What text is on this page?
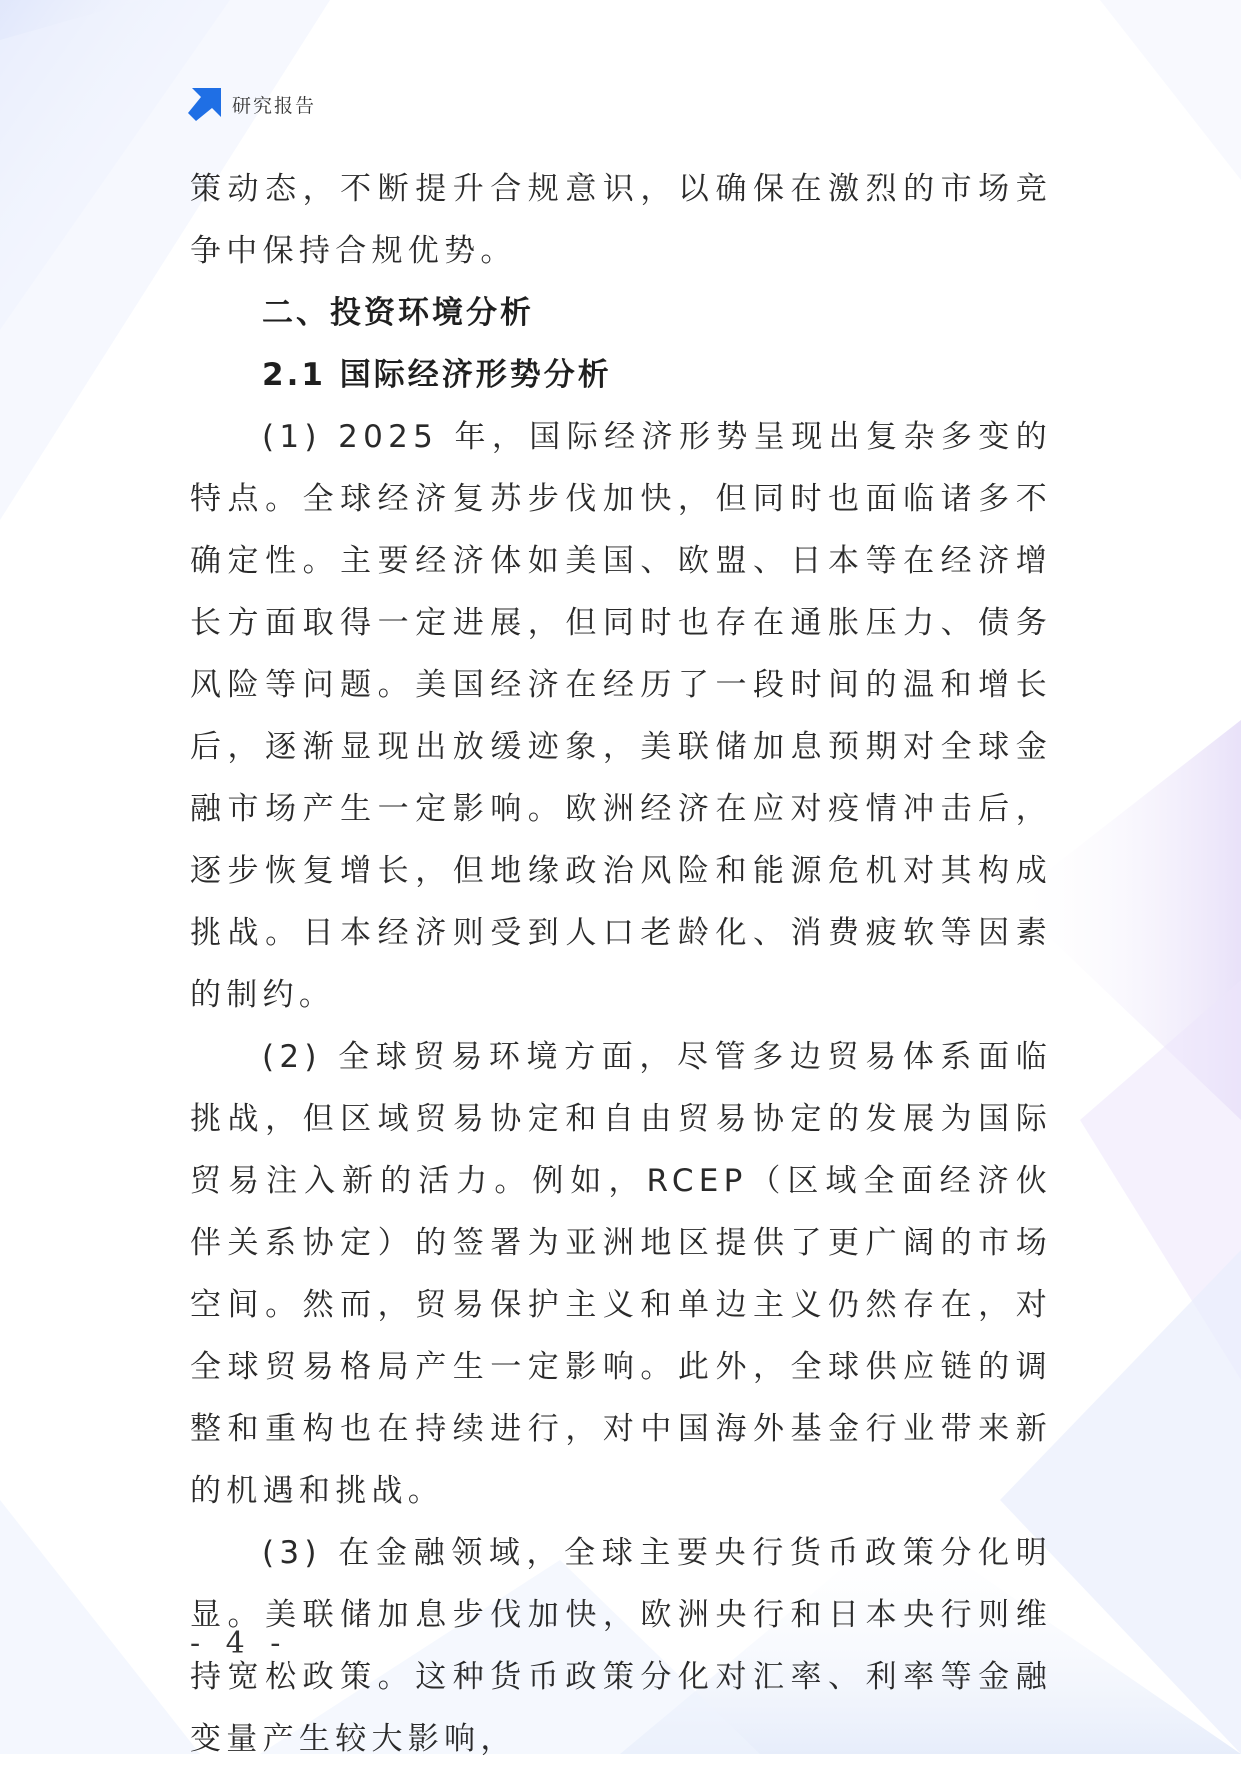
研究报告

策动态，不断提升合规意识，以确保在激烈的市场竞争中保持合规优势。

二、投资环境分析
2.1 国际经济形势分析

(1) 2025 年，国际经济形势呈现出复杂多变的特点。全球经济复苏步伐加快，但同时也面临诸多不确定性。主要经济体如美国、欧盟、日本等在经济增长方面取得一定进展，但同时也存在通胀压力、债务风险等问题。美国经济在经历了一段时间的温和增长后，逐渐显现出放缓迹象，美联储加息预期对全球金融市场产生一定影响。欧洲经济在应对疫情冲击后，逐步恢复增长，但地缘政治风险和能源危机对其构成挑战。日本经济则受到人口老龄化、消费疲软等因素的制约。

(2) 全球贸易环境方面，尽管多边贸易体系面临挑战，但区域贸易协定和自由贸易协定的发展为国际贸易注入新的活力。例如，RCEP（区域全面经济伙伴关系协定）的签署为亚洲地区提供了更广阔的市场空间。然而，贸易保护主义和单边主义仍然存在，对全球贸易格局产生一定影响。此外，全球供应链的调整和重构也在持续进行，对中国海外基金行业带来新的机遇和挑战。

(3) 在金融领域，全球主要央行货币政策分化明显。美联储加息步伐加快，欧洲央行和日本央行则维持宽松政策。这种货币政策分化对汇率、利率等金融变量产生较大影响，

- 4 -
